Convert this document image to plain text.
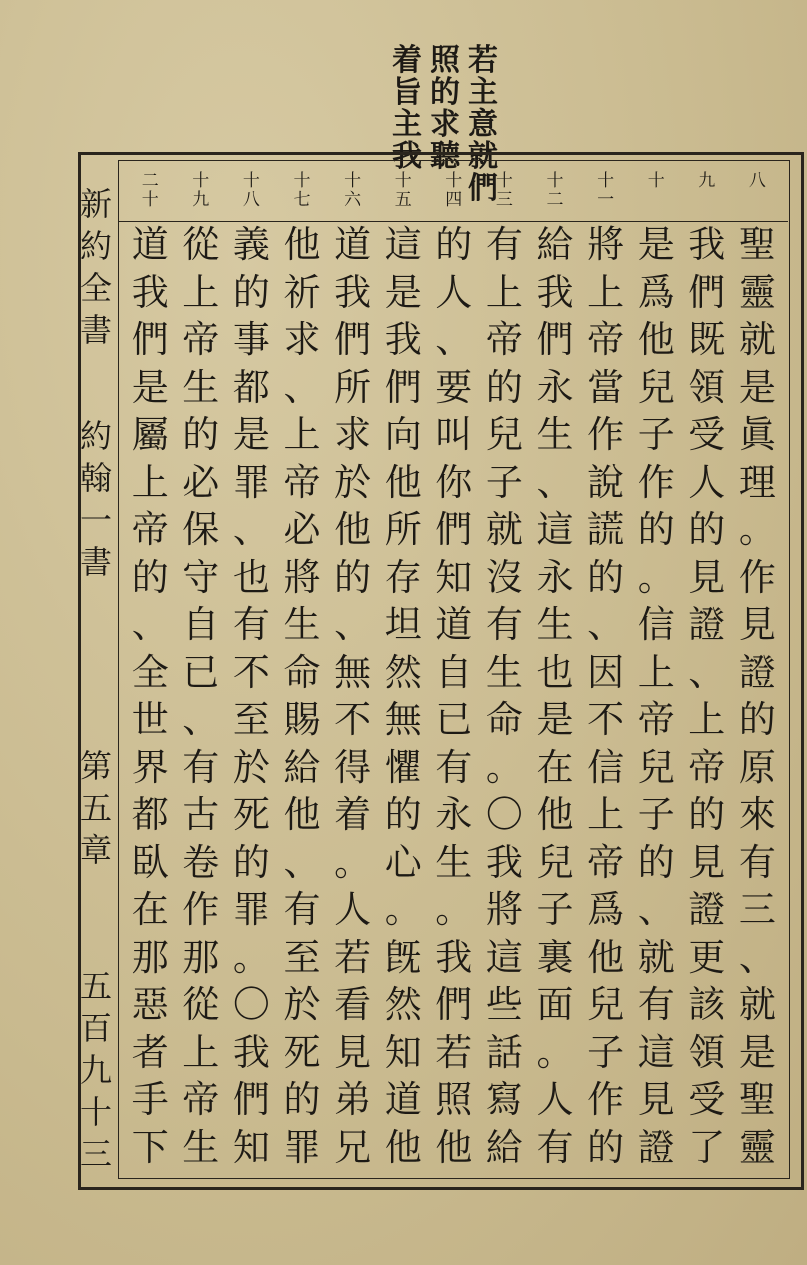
若
主
意
就
們
照
的
求
聽
着
旨
主
我
新
約
全
書
約
翰
一
書
第
五
章
五
百
九
十
三
八
九
十
十
一
十
二
十
三
十
四
十
五
十
六
十
七
十
八
十
九
二
十
聖
靈
就
是
眞
理
。
作
見
證
的
原
來
有
三
、
就
是
聖
靈
我
們
既
領
受
人
的
見
證
、
上
帝
的
見
證
更
該
領
受
了
是
爲
他
兒
子
作
的
。
信
上
帝
兒
子
的
、
就
有
這
見
證
將
上
帝
當
作
說
謊
的
、
因
不
信
上
帝
爲
他
兒
子
作
的
給
我
們
永
生
、
這
永
生
也
是
在
他
兒
子
裏
面
。
人
有
有
上
帝
的
兒
子
就
沒
有
生
命
。
〇
我
將
這
些
話
寫
給
的
人
、
要
叫
你
們
知
道
自
已
有
永
生
。
我
們
若
照
他
這
是
我
們
向
他
所
存
坦
然
無
懼
的
心
。
旣
然
知
道
他
道
我
們
所
求
於
他
的
、
無
不
得
着
。
人
若
看
見
弟
兄
他
祈
求
、
上
帝
必
將
生
命
賜
給
他
、
有
至
於
死
的
罪
義
的
事
都
是
罪
、
也
有
不
至
於
死
的
罪
。
〇
我
們
知
從
上
帝
生
的
必
保
守
自
已
、
有
古
卷
作
那
從
上
帝
生
道
我
們
是
屬
上
帝
的
、
全
世
界
都
臥
在
那
惡
者
手
下
